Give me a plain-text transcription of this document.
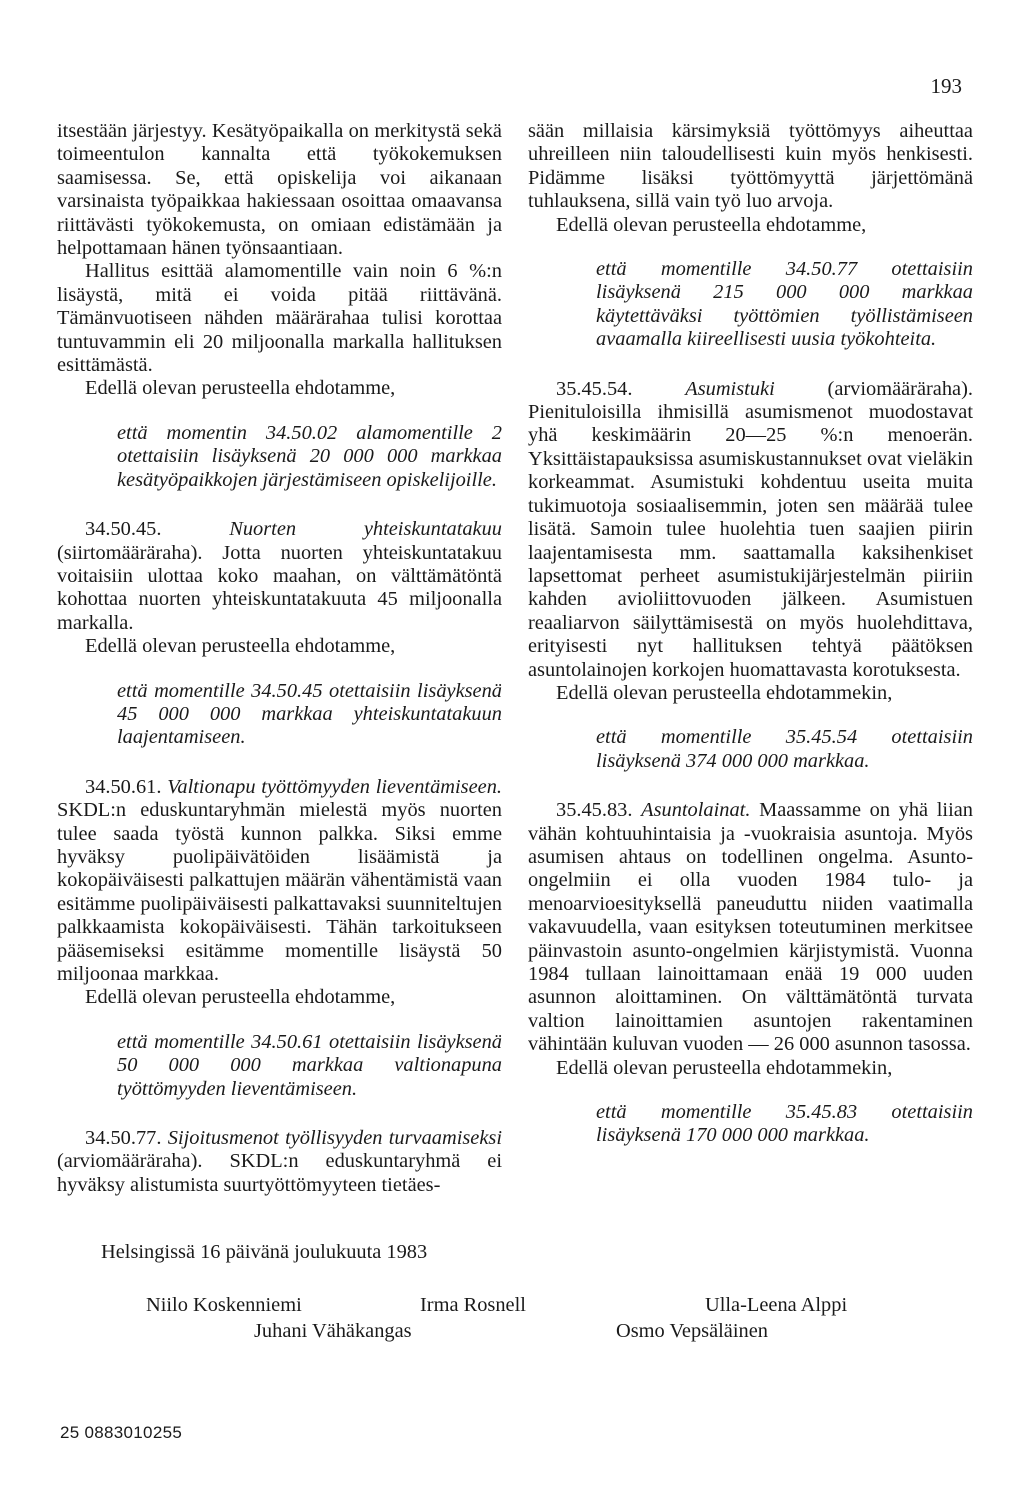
193

itsestään järjestyy. Kesätyöpaikalla on merkitystä sekä toimeentulon kannalta että työkokemuksen saamisessa. Se, että opiskelija voi aikanaan varsinaista työpaikkaa hakiessaan osoittaa omaavansa riittävästi työkokemusta, on omiaan edistämään ja helpottamaan hänen työnsaantiaan.

Hallitus esittää alamomentille vain noin 6 %:n lisäystä, mitä ei voida pitää riittävänä. Tämänvuotiseen nähden määrärahaa tulisi korottaa tuntuvammin eli 20 miljoonalla markalla hallituksen esittämästä.

Edellä olevan perusteella ehdotamme,

että momentin 34.50.02 alamomentille 2 otettaisiin lisäyksenä 20 000 000 markkaa kesätyöpaikkojen järjestämiseen opiskelijoille.

34.50.45.	Nuorten yhteiskuntatakuu (siirtomääräraha). Jotta nuorten yhteiskuntatakuu voitaisiin ulottaa koko maahan, on välttämätöntä kohottaa nuorten yhteiskuntatakuuta 45 miljoonalla markalla.

Edellä olevan perusteella ehdotamme,

että momentille 34.50.45 otettaisiin lisäyksenä 45 000 000 markkaa yhteiskuntatakuun laajentamiseen.

34.50.61. Valtionapu työttömyyden lieventämiseen. SKDL:n eduskuntaryhmän mielestä myös nuorten tulee saada työstä kunnon palkka. Siksi emme hyväksy puolipäivätöiden lisäämistä ja kokopäiväisesti palkattujen määrän vähentämistä vaan esitämme puolipäiväisesti palkattavaksi suunniteltujen palkkaamista kokopäiväisesti. Tähän tarkoitukseen pääsemiseksi esitämme momentille lisäystä 50 miljoonaa markkaa.

Edellä olevan perusteella ehdotamme,

että momentille 34.50.61 otettaisiin lisäyksenä 50 000 000 markkaa valtionapuna työttömyyden lieventämiseen.

34.50.77. Sijoitusmenot työllisyyden turvaamiseksi (arviomääräraha). SKDL:n eduskuntaryhmä ei hyväksy alistumista suurtyöttömyyteen tietäes-

sään millaisia kärsimyksiä työttömyys aiheuttaa uhreilleen niin taloudellisesti kuin myös henkisesti. Pidämme lisäksi työttömyyttä järjettömänä tuhlauksena, sillä vain työ luo arvoja.

Edellä olevan perusteella ehdotamme,

että momentille 34.50.77 otettaisiin lisäyksenä 215 000 000 markkaa käytettäväksi työttömien työllistämiseen avaamalla kiireellisesti uusia työkohteita.

35.45.54.	Asumistuki	(arviomääräraha). Pienituloisilla ihmisillä asumismenot muodostavat yhä keskimäärin 20—25 %:n menoerän. Yksittäistapauksissa asumiskustannukset ovat vieläkin korkeammat. Asumistuki kohdentuu useita muita tukimuotoja sosiaalisemmin, joten sen määrää tulee lisätä. Samoin tulee huolehtia tuen saajien piirin laajentamisesta mm. saattamalla kaksihenkiset lapsettomat perheet asumistukijärjestelmän piiriin kahden avioliittovuoden jälkeen. Asumistuen reaaliarvon säilyttämisestä on myös huolehdittava, erityisesti nyt hallituksen tehtyä päätöksen asuntolainojen korkojen huomattavasta korotuksesta.

Edellä olevan perusteella ehdotammekin,

että momentille 35.45.54 otettaisiin lisäyksenä 374 000 000 markkaa.

35.45.83. Asuntolainat. Maassamme on yhä liian vähän kohtuuhintaisia ja -vuokraisia asuntoja. Myös asumisen ahtaus on todellinen ongelma. Asunto-ongelmiin ei olla vuoden 1984 tulo- ja menoarvioesityksellä paneuduttu niiden vaatimalla vakavuudella, vaan esityksen toteutuminen merkitsee päinvastoin asunto-ongelmien kärjistymistä. Vuonna 1984 tullaan lainoittamaan enää 19 000 uuden asunnon aloittaminen. On välttämätöntä turvata valtion lainoittamien asuntojen rakentaminen vähintään kuluvan vuoden — 26 000 asunnon tasossa.

Edellä olevan perusteella ehdotammekin,

että momentille 35.45.83 otettaisiin lisäyksenä 170 000 000 markkaa.
Helsingissä 16 päivänä joulukuuta 1983
Niilo Koskenniemi	Irma Rosnell	Ulla-Leena Alppi
Juhani Vähäkangas	Osmo Vepsäläinen
25 0883010255
